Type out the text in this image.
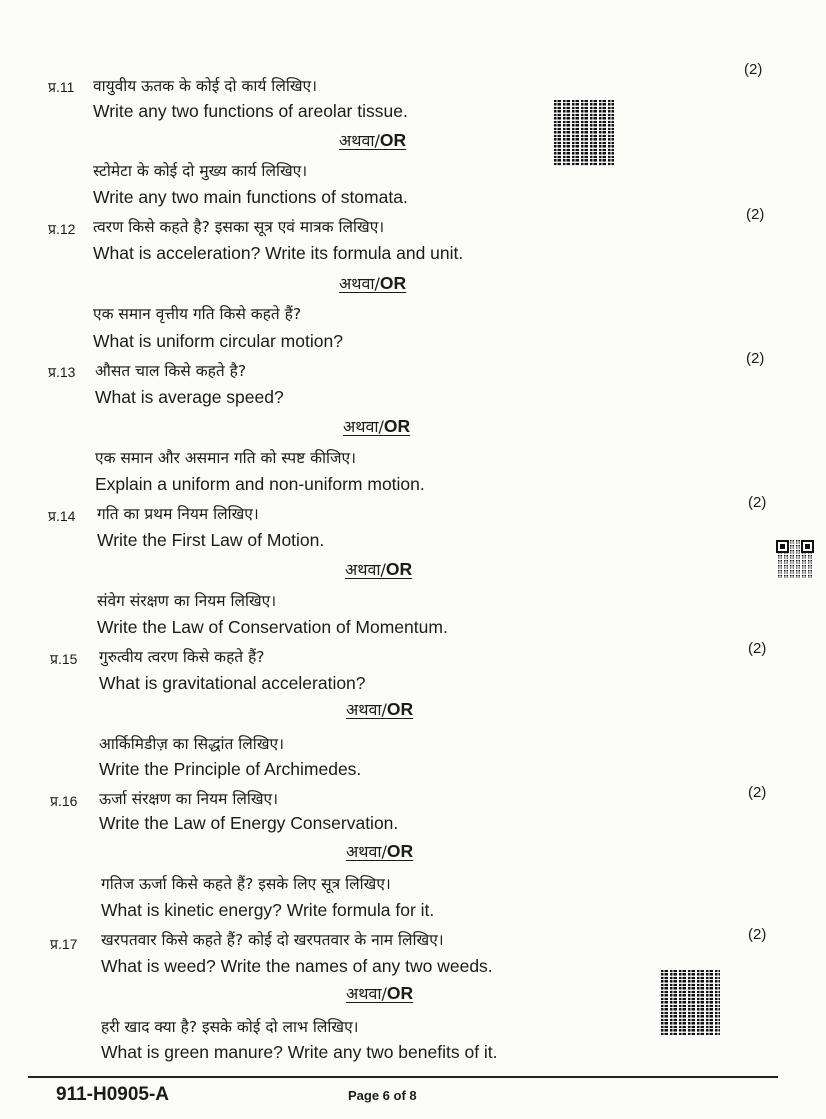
प्र.11 वायुवीय ऊतक के कोई दो कार्य लिखिए।
Write any two functions of areolar tissue.
अथवा/OR
स्टोमेटा के कोई दो मुख्य कार्य लिखिए।
Write any two main functions of stomata.
(2)
प्र.12 त्वरण किसे कहते है? इसका सूत्र एवं मात्रक लिखिए।
What is acceleration? Write its formula and unit.
अथवा/OR
एक समान वृत्तीय गति किसे कहते हैं?
What is uniform circular motion?
(2)
प्र.13 औसत चाल किसे कहते है?
What is average speed?
अथवा/OR
एक समान और असमान गति को स्पष्ट कीजिए।
Explain a uniform and non-uniform motion.
(2)
प्र.14 गति का प्रथम नियम लिखिए।
Write the First Law of Motion.
अथवा/OR
संवेग संरक्षण का नियम लिखिए।
Write the Law of Conservation of Momentum.
(2)
प्र.15 गुरुत्वीय त्वरण किसे कहते हैं?
What is gravitational acceleration?
अथवा/OR
आर्किमिडीज़ का सिद्धांत लिखिए।
Write the Principle of Archimedes.
(2)
प्र.16 ऊर्जा संरक्षण का नियम लिखिए।
Write the Law of Energy Conservation.
अथवा/OR
गतिज ऊर्जा किसे कहते हैं? इसके लिए सूत्र लिखिए।
What is kinetic energy? Write formula for it.
(2)
प्र.17 खरपतवार किसे कहते हैं? कोई दो खरपतवार के नाम लिखिए।
What is weed? Write the names of any two weeds.
अथवा/OR
हरी खाद क्या है? इसके कोई दो लाभ लिखिए।
What is green manure? Write any two benefits of it.
(2)
911-H0905-A	Page 6 of 8
